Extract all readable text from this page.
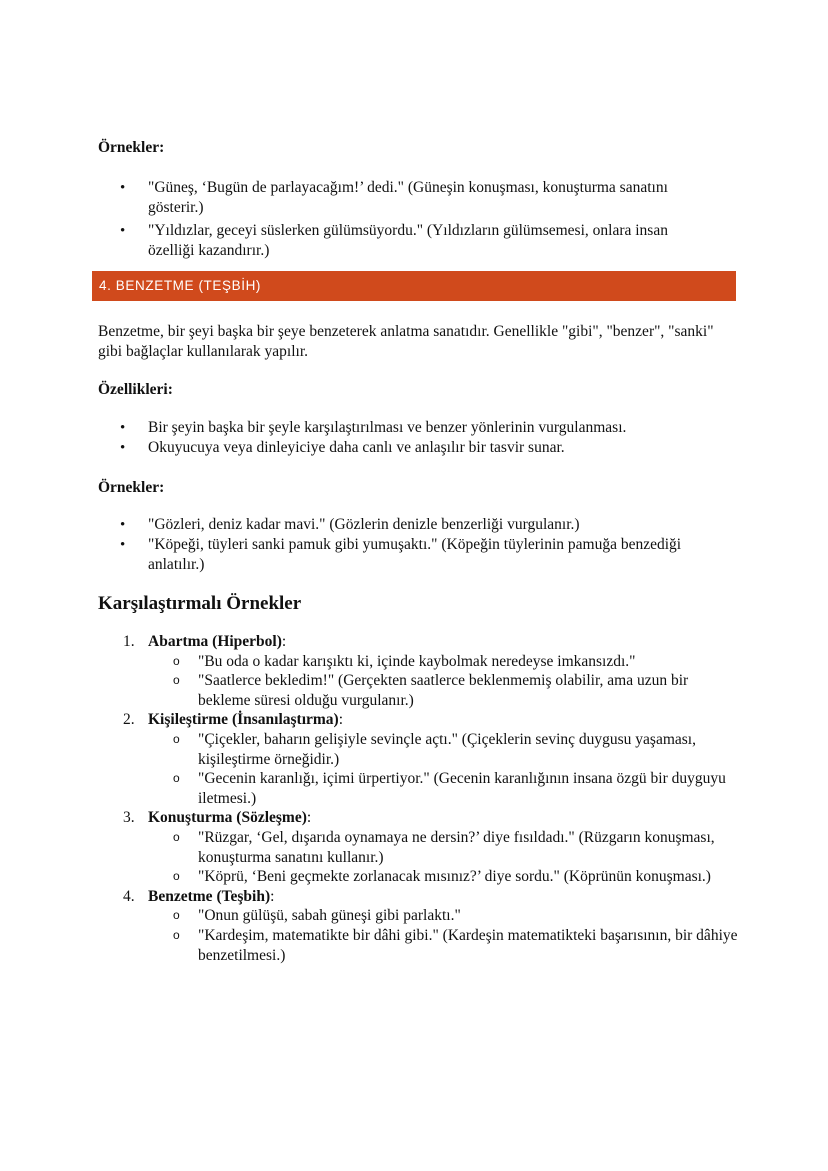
Örnekler:
• "Güneş, ‘Bugün de parlayacağım!’ dedi." (Güneşin konuşması, konuşturma sanatını gösterir.)
• "Yıldızlar, geceyi süslerken gülümsüyordu." (Yıldızların gülümsemesi, onlara insan özelliği kazandırır.)
4. BENZETME (TEŞBİH)
Benzetme, bir şeyi başka bir şeye benzeterek anlatma sanatıdır. Genellikle "gibi", "benzer", "sanki" gibi bağlaçlar kullanılarak yapılır.
Özellikleri:
• Bir şeyin başka bir şeyle karşılaştırılması ve benzer yönlerinin vurgulanması.
• Okuyucuya veya dinleyiciye daha canlı ve anlaşılır bir tasvir sunar.
Örnekler:
• "Gözleri, deniz kadar mavi." (Gözlerin denizle benzerliği vurgulanır.)
• "Köpeği, tüyleri sanki pamuk gibi yumuşaktı." (Köpeğin tüylerinin pamuğa benzediği anlatılır.)
Karşılaştırmalı Örnekler
1. Abartma (Hiperbol):
o "Bu oda o kadar karışıktı ki, içinde kaybolmak neredeyse imkansızdı."
o "Saatlerce bekledim!" (Gerçekten saatlerce beklenmemiş olabilir, ama uzun bir bekleme süresi olduğu vurgulanır.)
2. Kişileştirme (İnsanılaştırma):
o "Çiçekler, baharın gelişiyle sevinçle açtı." (Çiçeklerin sevinç duygusu yaşaması, kişileştirme örneğidir.)
o "Gecenin karanlığı, içimi ürpertiyor." (Gecenin karanlığının insana özgü bir duyguyu iletmesi.)
3. Konuşturma (Sözleşme):
o "Rüzgar, ‘Gel, dışarıda oynamaya ne dersin?’ diye fısıldadı." (Rüzgarın konuşması, konuşturma sanatını kullanır.)
o "Köprü, ‘Beni geçmekte zorlanacak mısınız?’ diye sordu." (Köprünün konuşması.)
4. Benzetme (Teşbih):
o "Onun gülüşü, sabah güneşi gibi parlaktı."
o "Kardeşim, matematikte bir dâhi gibi." (Kardeşin matematikteki başarısının, bir dâhiye benzetilmesi.)
